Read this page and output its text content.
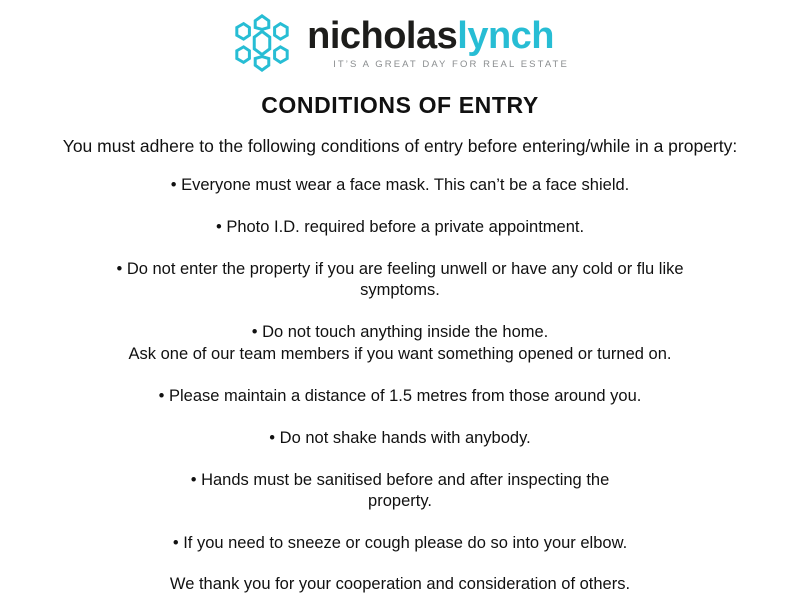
nicholaslynch
IT’S A GREAT DAY FOR REAL ESTATE
CONDITIONS OF ENTRY
You must adhere to the following conditions of entry before entering/while in a property:
• Everyone must wear a face mask. This can’t be a face shield.
• Photo I.D. required before a private appointment.
• Do not enter the property if you are feeling unwell or have any cold or flu like
symptoms.
• Do not touch anything inside the home.
Ask one of our team members if you want something opened or turned on.
• Please maintain a distance of 1.5 metres from those around you.
• Do not shake hands with anybody.
• Hands must be sanitised before and after inspecting the
property.
• If you need to sneeze or cough please do so into your elbow.
We thank you for your cooperation and consideration of others.
